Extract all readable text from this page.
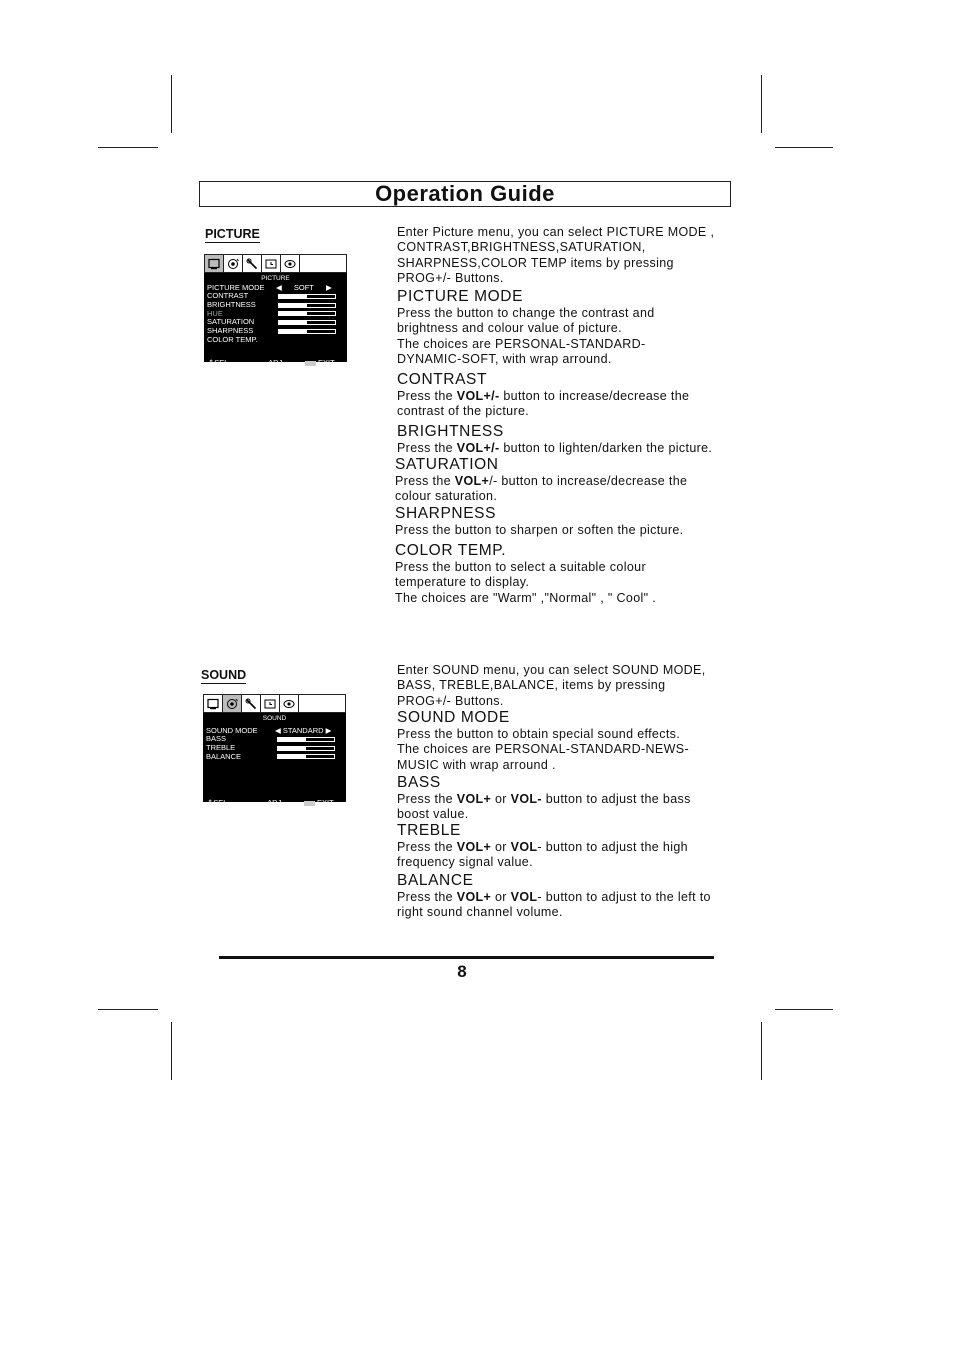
Operation Guide
PICTURE
PICTURE
PICTURE MODE ◀ SOFT ▶
CONTRAST
BRIGHTNESS
HUE
SATURATION
SHARPNESS
COLOR TEMP.
⇕SEL	⇔ ADJ	EXIT
Enter Picture menu, you can select PICTURE MODE ,
CONTRAST,BRIGHTNESS,SATURATION,
SHARPNESS,COLOR TEMP items by pressing
PROG+/- Buttons.
PICTURE MODE
Press the button to change the contrast and
brightness and colour value of picture.
The choices are PERSONAL-STANDARD-
DYNAMIC-SOFT, with wrap arround.
CONTRAST
Press the VOL+/- button to increase/decrease the
contrast of the picture.
BRIGHTNESS
Press the VOL+/- button to lighten/darken the picture.
SATURATION
Press the VOL+/- button to increase/decrease the
colour saturation.
SHARPNESS
Press the button to sharpen or soften the picture.
COLOR TEMP.
Press the button to select a suitable colour
temperature to display.
The choices are "Warm" ,"Normal" , " Cool" .
SOUND
SOUND
SOUND MODE ◀ STANDARD ▶
BASS
TREBLE
BALANCE
⇕SEL	⇔ ADJ	EXIT
Enter SOUND menu, you can select SOUND MODE,
BASS, TREBLE,BALANCE, items by pressing
PROG+/- Buttons.
SOUND MODE
Press the button to obtain special sound effects.
The choices are PERSONAL-STANDARD-NEWS-
MUSIC with wrap arround .
BASS
Press the VOL+ or VOL- button to adjust the bass
boost value.
TREBLE
Press the VOL+ or VOL- button to adjust the high
frequency signal value.
BALANCE
Press the VOL+ or VOL- button to adjust to the left to
right sound channel volume.
8
